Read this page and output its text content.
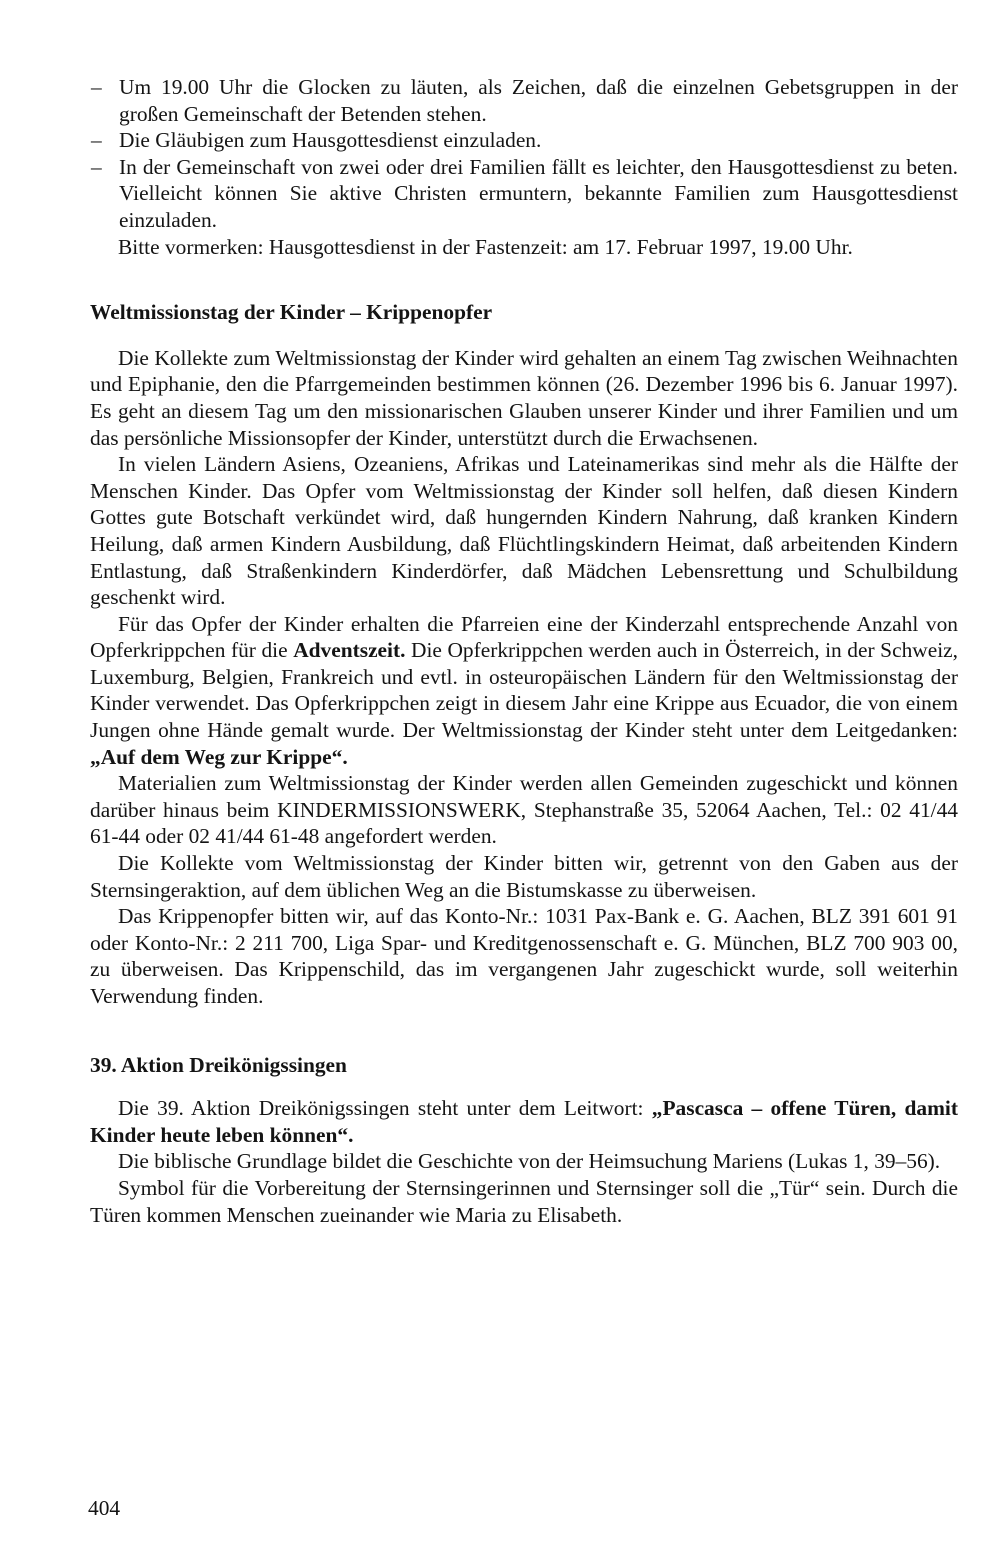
– Um 19.00 Uhr die Glocken zu läuten, als Zeichen, daß die einzelnen Gebetsgruppen in der großen Gemeinschaft der Betenden stehen.

– Die Gläubigen zum Hausgottesdienst einzuladen.

– In der Gemeinschaft von zwei oder drei Familien fällt es leichter, den Hausgottesdienst zu beten. Vielleicht können Sie aktive Christen ermuntern, bekannte Familien zum Hausgottesdienst einzuladen.

Bitte vormerken: Hausgottesdienst in der Fastenzeit: am 17. Februar 1997, 19.00 Uhr.

Weltmissionstag der Kinder – Krippenopfer

Die Kollekte zum Weltmissionstag der Kinder wird gehalten an einem Tag zwischen Weihnachten und Epiphanie, den die Pfarrgemeinden bestimmen können (26. Dezember 1996 bis 6. Januar 1997). Es geht an diesem Tag um den missionarischen Glauben unserer Kinder und ihrer Familien und um das persönliche Missionsopfer der Kinder, unterstützt durch die Erwachsenen.

In vielen Ländern Asiens, Ozeaniens, Afrikas und Lateinamerikas sind mehr als die Hälfte der Menschen Kinder. Das Opfer vom Weltmissionstag der Kinder soll helfen, daß diesen Kindern Gottes gute Botschaft verkündet wird, daß hungernden Kindern Nahrung, daß kranken Kindern Heilung, daß armen Kindern Ausbildung, daß Flüchtlingskindern Heimat, daß arbeitenden Kindern Entlastung, daß Straßenkindern Kinderdörfer, daß Mädchen Lebensrettung und Schulbildung geschenkt wird.

Für das Opfer der Kinder erhalten die Pfarreien eine der Kinderzahl entsprechende Anzahl von Opferkrippchen für die Adventszeit. Die Opferkrippchen werden auch in Österreich, in der Schweiz, Luxemburg, Belgien, Frankreich und evtl. in osteuropäischen Ländern für den Weltmissionstag der Kinder verwendet. Das Opferkrippchen zeigt in diesem Jahr eine Krippe aus Ecuador, die von einem Jungen ohne Hände gemalt wurde. Der Weltmissionstag der Kinder steht unter dem Leitgedanken: „Auf dem Weg zur Krippe“.

Materialien zum Weltmissionstag der Kinder werden allen Gemeinden zugeschickt und können darüber hinaus beim KINDERMISSIONSWERK, Stephanstraße 35, 52064 Aachen, Tel.: 02 41/44 61-44 oder 02 41/44 61-48 angefordert werden.

Die Kollekte vom Weltmissionstag der Kinder bitten wir, getrennt von den Gaben aus der Sternsingeraktion, auf dem üblichen Weg an die Bistumskasse zu überweisen.

Das Krippenopfer bitten wir, auf das Konto-Nr.: 1031 Pax-Bank e. G. Aachen, BLZ 391 601 91 oder Konto-Nr.: 2 211 700, Liga Spar- und Kreditgenossenschaft e. G. München, BLZ 700 903 00, zu überweisen. Das Krippenschild, das im vergangenen Jahr zugeschickt wurde, soll weiterhin Verwendung finden.

39. Aktion Dreikönigssingen

Die 39. Aktion Dreikönigssingen steht unter dem Leitwort: „Pascasca – offene Türen, damit Kinder heute leben können“.

Die biblische Grundlage bildet die Geschichte von der Heimsuchung Mariens (Lukas 1, 39–56).

Symbol für die Vorbereitung der Sternsingerinnen und Sternsinger soll die „Tür“ sein. Durch die Türen kommen Menschen zueinander wie Maria zu Elisabeth.

404
